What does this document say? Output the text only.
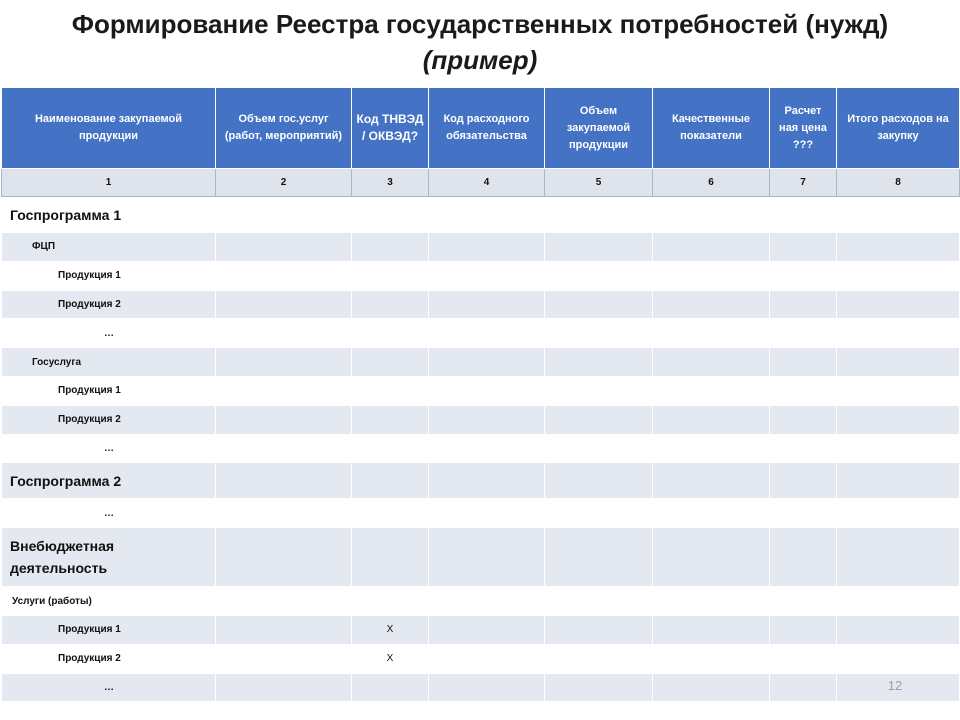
Формирование Реестра государственных потребностей (нужд)
(пример)
Наименование закупаемой продукции	Объем гос.услуг (работ, мероприятий)	Код ТНВЭД / ОКВЭД?	Код расходного обязательства	Объем закупаемой продукции	Качественные показатели	Расчет ная цена ???	Итого расходов на закупку
1	2	3	4	5	6	7	8
Госпрограмма 1							
ФЦП							
Продукция 1							
Продукция 2							
…							
Госуслуга							
Продукция 1							
Продукция 2							
…							
Госпрограмма 2							
…							
Внебюджетная деятельность							
Услуги (работы)							
Продукция 1		X					
Продукция 2		X					
…								12
